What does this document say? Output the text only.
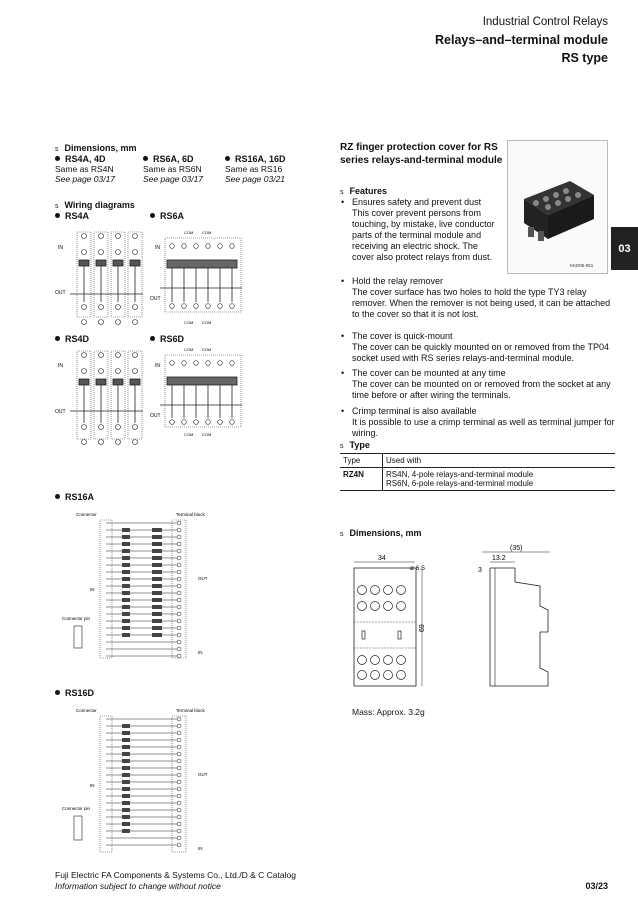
Industrial Control Relays
Relays–and–terminal module
RS type
03
s Dimensions, mm
RS4A, 4D
Same as RS4N
See page 03/17
RS6A, 6D
Same as RS6N
See page 03/17
RS16A, 16D
Same as RS16
See page 03/21
s Wiring diagrams
RS4A	RS6A
RS4D	RS6D
RS16A
RS16D
IN
OUT
IN
OUT
COM COM
COM COM
IN
OUT
IN
OUT
COM COM
COM COM
Connector	Terminal block
IN
OUT
Connector pin
IN
Connector	Terminal block
IN
OUT
Connector pin
IN
RZ finger protection cover for RS series relays-and-terminal module
KKD05-061
s Features
• Ensures safety and prevent dust
This cover prevent persons from touching, by mistake, live conductor parts of the terminal module and receiving an electric shock. The cover also protect relays from dust.
• Hold the relay remover
The cover surface has two holes to hold the type TY3 relay remover. When the remover is not being used, it can be attached to the cover so that it is not lost.
• The cover is quick-mount
The cover can be quickly mounted on or removed from the TP04 socket used with RS series relays-and-terminal module.
• The cover can be mounted at any time
The cover can be mounted on or removed from the socket at any time before or after wiring the terminals.
• Crimp terminal is also available
It is possible to use a crimp terminal as well as terminal jumper for wiring.
s Type
Type	Used with
RZ4N	RS4N, 4-pole relays-and-terminal module
RS6N, 6-pole relays-and-terminal module
s Dimensions, mm
34
ø 6.5
69
(35)
13.2
3
Mass: Approx. 3.2g
Fuji Electric FA Components & Systems Co., Ltd./D & C Catalog
Information subject to change without notice	03/23
